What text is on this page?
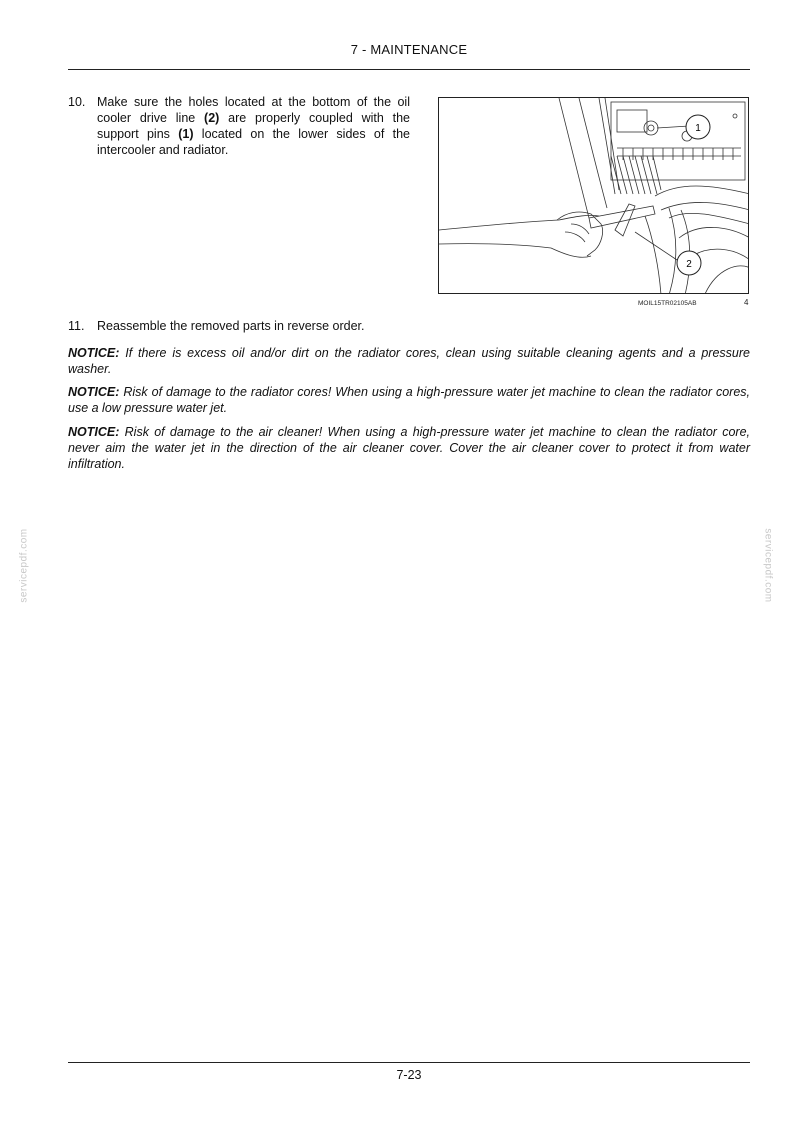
7 - MAINTENANCE
10. Make sure the holes located at the bottom of the oil cooler drive line (2) are properly coupled with the support pins (1) located on the lower sides of the intercooler and radiator.
1
2
MOIL15TR02105AB	4
11. Reassemble the removed parts in reverse order.
NOTICE: If there is excess oil and/or dirt on the radiator cores, clean using suitable cleaning agents and a pressure washer.
NOTICE: Risk of damage to the radiator cores! When using a high-pressure water jet machine to clean the radiator cores, use a low pressure water jet.
NOTICE: Risk of damage to the air cleaner! When using a high-pressure water jet machine to clean the radiator core, never aim the water jet in the direction of the air cleaner cover. Cover the air cleaner cover to protect it from water infiltration.
servicepdf.com	servicepdf.com
7-23
